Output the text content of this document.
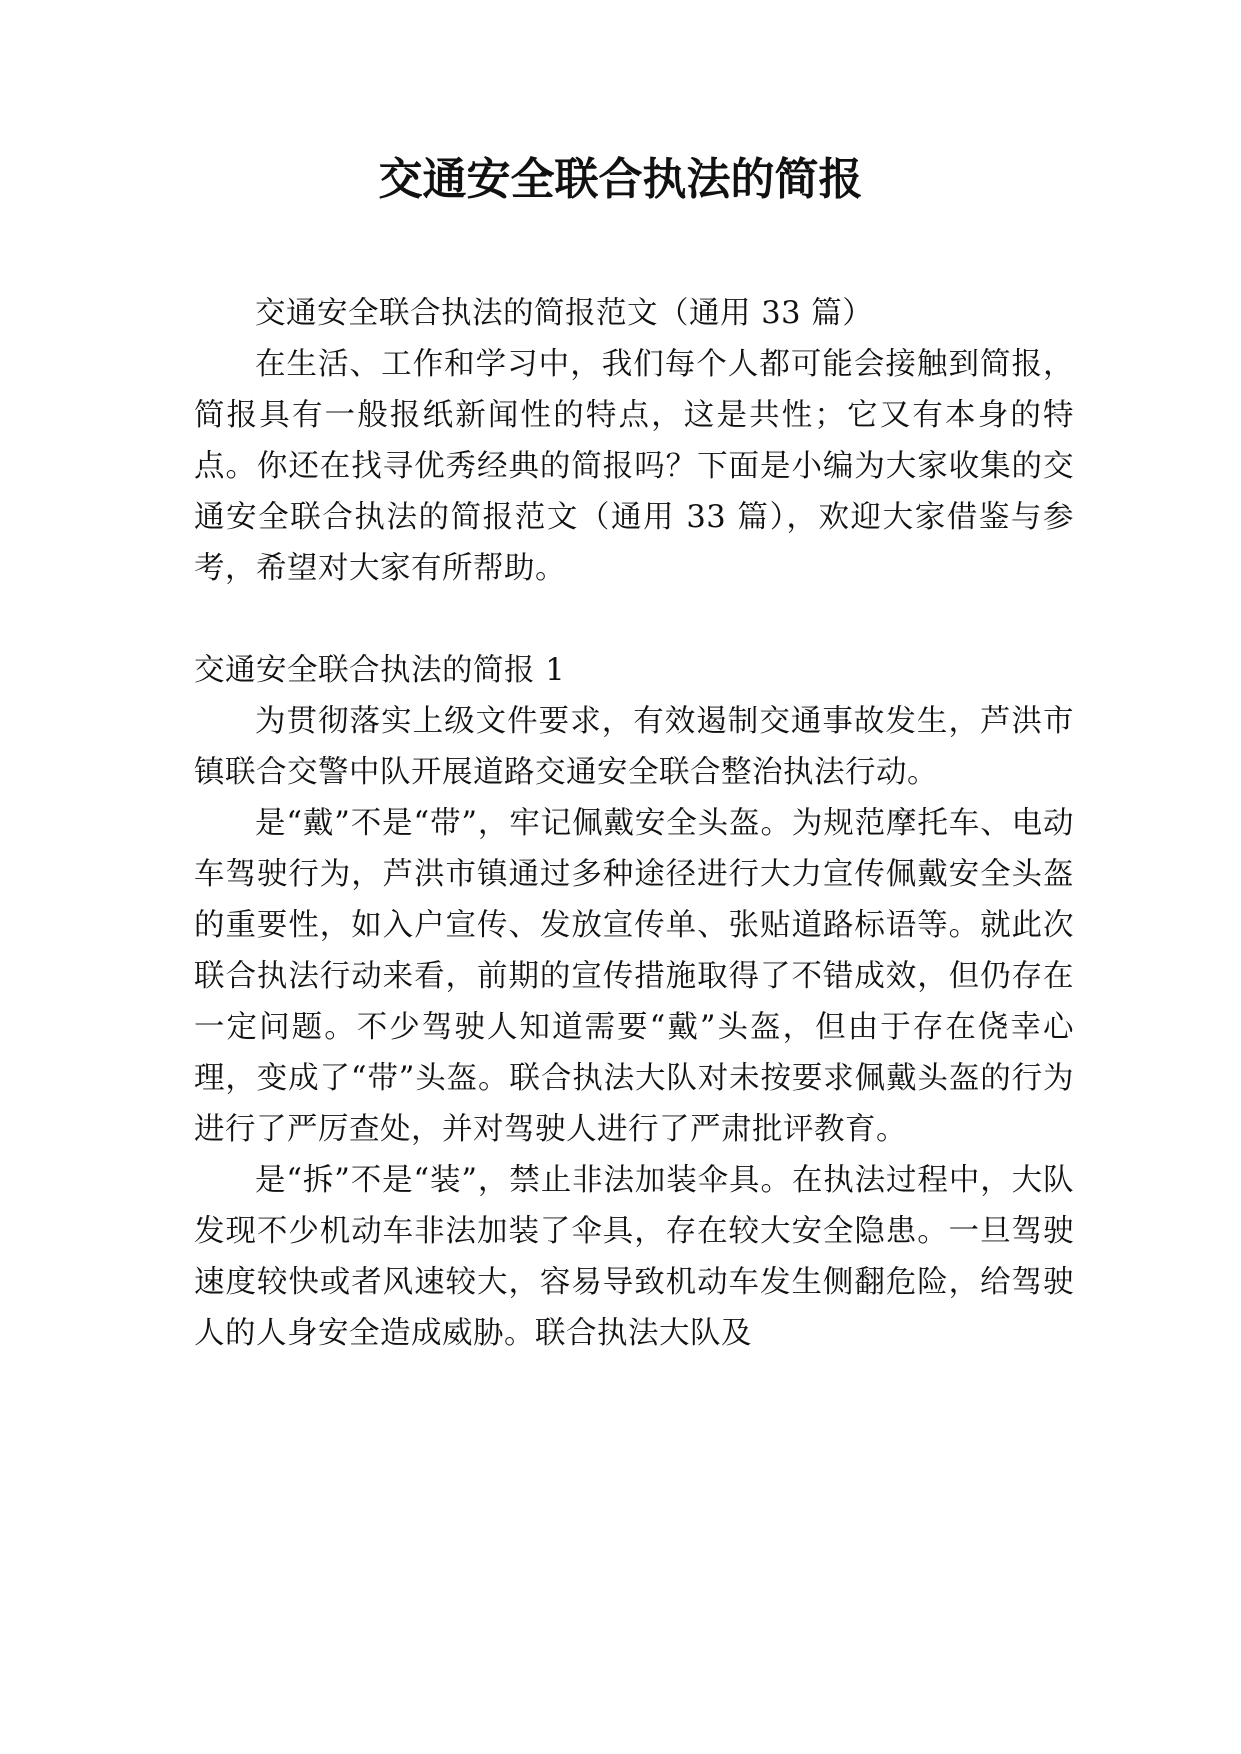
交通安全联合执法的简报

交通安全联合执法的简报范文（通用 33 篇）

在生活、工作和学习中，我们每个人都可能会接触到简报，简报具有一般报纸新闻性的特点，这是共性；它又有本身的特点。你还在找寻优秀经典的简报吗？下面是小编为大家收集的交通安全联合执法的简报范文（通用 33 篇），欢迎大家借鉴与参考，希望对大家有所帮助。

交通安全联合执法的简报 1

为贯彻落实上级文件要求，有效遏制交通事故发生，芦洪市镇联合交警中队开展道路交通安全联合整治执法行动。

是“戴”不是“带”，牢记佩戴安全头盔。为规范摩托车、电动车驾驶行为，芦洪市镇通过多种途径进行大力宣传佩戴安全头盔的重要性，如入户宣传、发放宣传单、张贴道路标语等。就此次联合执法行动来看，前期的宣传措施取得了不错成效，但仍存在一定问题。不少驾驶人知道需要“戴”头盔，但由于存在侥幸心理，变成了“带”头盔。联合执法大队对未按要求佩戴头盔的行为进行了严厉查处，并对驾驶人进行了严肃批评教育。

是“拆”不是“装”，禁止非法加装伞具。在执法过程中，大队发现不少机动车非法加装了伞具，存在较大安全隐患。一旦驾驶速度较快或者风速较大，容易导致机动车发生侧翻危险，给驾驶人的人身安全造成威胁。联合执法大队及
